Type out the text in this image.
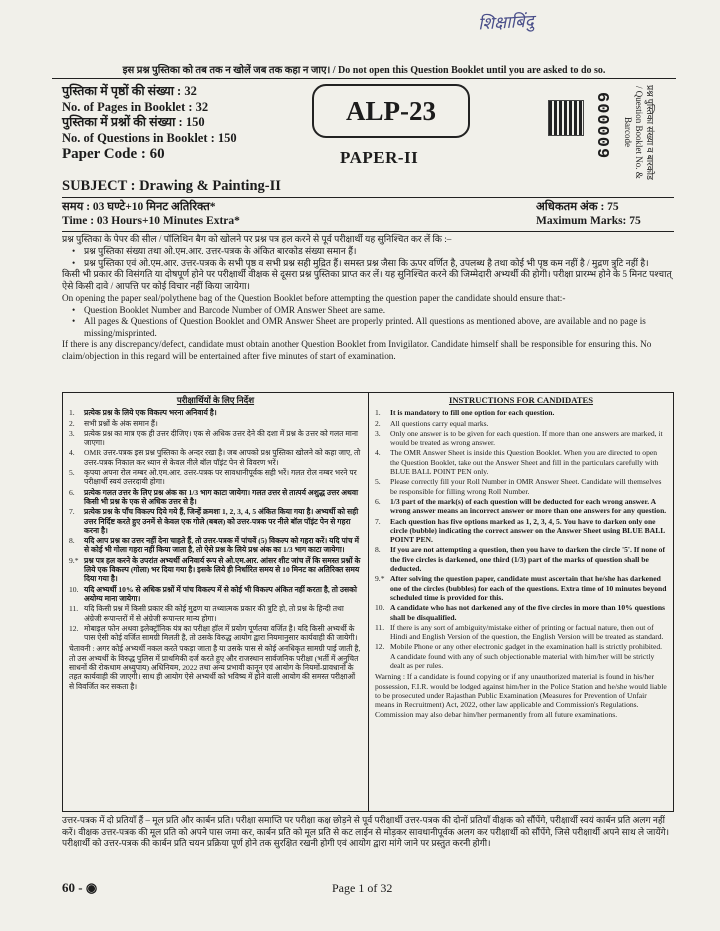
शिक्षाबिंदु
इस प्रश्न पुस्तिका को तब तक न खोलें जब तक कहा न जाए। / Do not open this Question Booklet until you are asked to do so.
पुस्तिका में पृष्ठों की संख्या : 32
No. of Pages in Booklet : 32
पुस्तिका में प्रश्नों की संख्या : 150
No. of Questions in Booklet : 150
Paper Code : 60
ALP-23
PAPER-II	600009	प्रश्न पुस्तिका संख्या व बारकोड / Question Booklet No. & Barcode
SUBJECT : Drawing & Painting-II
समय : 03 घण्टे+10 मिनट अतिरिक्त*
Time : 03 Hours+10 Minutes Extra*
अधिकतम अंक : 75
Maximum Marks: 75

प्रश्न पुस्तिका के पेपर की सील / पॉलिथिन बैग को खोलने पर प्रश्न पत्र हल करने से पूर्व परीक्षार्थी यह सुनिश्चित कर लें कि :–

• प्रश्न पुस्तिका संख्या तथा ओ.एम.आर. उत्तर-पत्रक के अंकित बारकोड संख्या समान हैं।
• प्रश्न पुस्तिका एवं ओ.एम.आर. उत्तर-पत्रक के सभी पृष्ठ व सभी प्रश्न सही मुद्रित हैं। समस्त प्रश्न जैसा कि ऊपर वर्णित है, उपलब्ध है तथा कोई भी पृष्ठ कम नहीं है / मुद्रण त्रुटि नहीं है।

किसी भी प्रकार की विसंगति या दोषपूर्ण होने पर परीक्षार्थी वीक्षक से दूसरा प्रश्न पुस्तिका प्राप्त कर लें। यह सुनिश्चित करने की जिम्मेदारी अभ्यर्थी की होगी। परीक्षा प्रारम्भ होने के 5 मिनट पश्चात् ऐसे किसी दावे / आपत्ति पर कोई विचार नहीं किया जायेगा।

On opening the paper seal/polythene bag of the Question Booklet before attempting the question paper the candidate should ensure that:-

• Question Booklet Number and Barcode Number of OMR Answer Sheet are same.
• All pages & Questions of Question Booklet and OMR Answer Sheet are properly printed. All questions as mentioned above, are available and no page is missing/misprinted.

If there is any discrepancy/defect, candidate must obtain another Question Booklet from Invigilator. Candidate himself shall be responsible for ensuring this. No claim/objection in this regard will be entertained after five minutes of start of examination.

परीक्षार्थियों के लिए निर्देश
1. प्रत्येक प्रश्न के लिये एक विकल्प भरना अनिवार्य है।
2. सभी प्रश्नों के अंक समान हैं।
3. प्रत्येक प्रश्न का मात्र एक ही उत्तर दीजिए। एक से अधिक उत्तर देने की दशा में प्रश्न के उत्तर को गलत माना जाएगा।
4. OMR उत्तर-पत्रक इस प्रश्न पुस्तिका के अन्दर रखा है। जब आपको प्रश्न पुस्तिका खोलने को कहा जाए, तो उत्तर-पत्रक निकाल कर ध्यान से केवल नीले बॉल पॉइंट पेन से विवरण भरें।
5. कृपया अपना रोल नम्बर ओ.एम.आर. उत्तर-पत्रक पर सावधानीपूर्वक सही भरें। गलत रोल नम्बर भरने पर परीक्षार्थी स्वयं उत्तरदायी होगा।
6. प्रत्येक गलत उत्तर के लिए प्रश्न अंक का 1/3 भाग काटा जायेगा। गलत उत्तर से तात्पर्य अशुद्ध उत्तर अथवा किसी भी प्रश्न के एक से अधिक उत्तर से है।
7. प्रत्येक प्रश्न के पाँच विकल्प दिये गये हैं, जिन्हें क्रमशः 1, 2, 3, 4, 5 अंकित किया गया है। अभ्यर्थी को सही उत्तर निर्दिष्ट करते हुए उनमें से केवल एक गोले (बबल) को उत्तर-पत्रक पर नीले बॉल पॉइंट पेन से गहरा करना है।
8. यदि आप प्रश्न का उत्तर नहीं देना चाहते हैं, तो उत्तर-पत्रक में पांचवें (5) विकल्प को गहरा करें। यदि पांच में से कोई भी गोला गहरा नहीं किया जाता है, तो ऐसे प्रश्न के लिये प्रश्न अंक का 1/3 भाग काटा जायेगा।
9.* प्रश्न पत्र हल करने के उपरांत अभ्यर्थी अनिवार्य रूप से ओ.एम.आर. आंसर शीट जांच लें कि समस्त प्रश्नों के लिये एक विकल्प (गोला) भर दिया गया है। इसके लिये ही निर्धारित समय से 10 मिनट का अतिरिक्त समय दिया गया है।
10. यदि अभ्यर्थी 10% से अधिक प्रश्नों में पांच विकल्प में से कोई भी विकल्प अंकित नहीं करता है, तो उसको अयोग्य माना जायेगा।
11. यदि किसी प्रश्न में किसी प्रकार की कोई मुद्रण या तथ्यात्मक प्रकार की त्रुटि हो, तो प्रश्न के हिन्दी तथा अंग्रेजी रूपान्तरों में से अंग्रेजी रूपान्तर मान्य होगा।
12. मोबाइल फोन अथवा इलेक्ट्रॉनिक यंत्र का परीक्षा हॉल में प्रयोग पूर्णतया वर्जित है। यदि किसी अभ्यर्थी के पास ऐसी कोई वर्जित सामग्री मिलती है, तो उसके विरुद्ध आयोग द्वारा नियमानुसार कार्यवाही की जायेगी।
चेतावनी : अगर कोई अभ्यर्थी नकल करते पकड़ा जाता है या उसके पास से कोई अनधिकृत सामग्री पाई जाती है, तो उस अभ्यर्थी के विरुद्ध पुलिस में प्राथमिकी दर्ज करते हुए और राजस्थान सार्वजनिक परीक्षा (भर्ती में अनुचित साधनों की रोकथाम अध्युपाय) अधिनियम, 2022 तथा अन्य प्रभावी कानून एवं आयोग के नियमों-प्रावधानों के तहत कार्यवाही की जाएगी। साथ ही आयोग ऐसे अभ्यर्थी को भविष्य में होने वाली आयोग की समस्त परीक्षाओं से विवर्जित कर सकता है।
INSTRUCTIONS FOR CANDIDATES
1. It is mandatory to fill one option for each question.
2. All questions carry equal marks.
3. Only one answer is to be given for each question. If more than one answers are marked, it would be treated as wrong answer.
4. The OMR Answer Sheet is inside this Question Booklet. When you are directed to open the Question Booklet, take out the Answer Sheet and fill in the particulars carefully with BLUE BALL POINT PEN only.
5. Please correctly fill your Roll Number in OMR Answer Sheet. Candidate will themselves be responsible for filling wrong Roll Number.
6. 1/3 part of the mark(s) of each question will be deducted for each wrong answer. A wrong answer means an incorrect answer or more than one answers for any question.
7. Each question has five options marked as 1, 2, 3, 4, 5. You have to darken only one circle (bubble) indicating the correct answer on the Answer Sheet using BLUE BALL POINT PEN.
8. If you are not attempting a question, then you have to darken the circle '5'. If none of the five circles is darkened, one third (1/3) part of the marks of question shall be deducted.
9.* After solving the question paper, candidate must ascertain that he/she has darkened one of the circles (bubbles) for each of the questions. Extra time of 10 minutes beyond scheduled time is provided for this.
10. A candidate who has not darkened any of the five circles in more than 10% questions shall be disqualified.
11. If there is any sort of ambiguity/mistake either of printing or factual nature, then out of Hindi and English Version of the question, the English Version will be treated as standard.
12. Mobile Phone or any other electronic gadget in the examination hall is strictly prohibited. A candidate found with any of such objectionable material with him/her will be strictly dealt as per rules.
Warning : If a candidate is found copying or if any unauthorized material is found in his/her possession, F.I.R. would be lodged against him/her in the Police Station and he/she would liable to be prosecuted under Rajasthan Public Examination (Measures for Prevention of Unfair means in Recruitment) Act, 2022, other law applicable and Commission's Regulations. Commission may also debar him/her permanently from all future examinations.
उत्तर-पत्रक में दो प्रतियाँ हैं – मूल प्रति और कार्बन प्रति। परीक्षा समाप्ति पर परीक्षा कक्ष छोड़ने से पूर्व परीक्षार्थी उत्तर-पत्रक की दोनों प्रतियाँ वीक्षक को सौंपेंगे, परीक्षार्थी स्वयं कार्बन प्रति अलग नहीं करें। वीक्षक उत्तर-पत्रक की मूल प्रति को अपने पास जमा कर, कार्बन प्रति को मूल प्रति से कट लाईन से मोड़कर सावधानीपूर्वक अलग कर परीक्षार्थी को सौंपेंगे, जिसे परीक्षार्थी अपने साथ ले जायेंगे। परीक्षार्थी को उत्तर-पत्रक की कार्बन प्रति चयन प्रक्रिया पूर्ण होने तक सुरक्षित रखनी होगी एवं आयोग द्वारा मांगे जाने पर प्रस्तुत करनी होगी।
60 - ◉	Page 1 of 32
